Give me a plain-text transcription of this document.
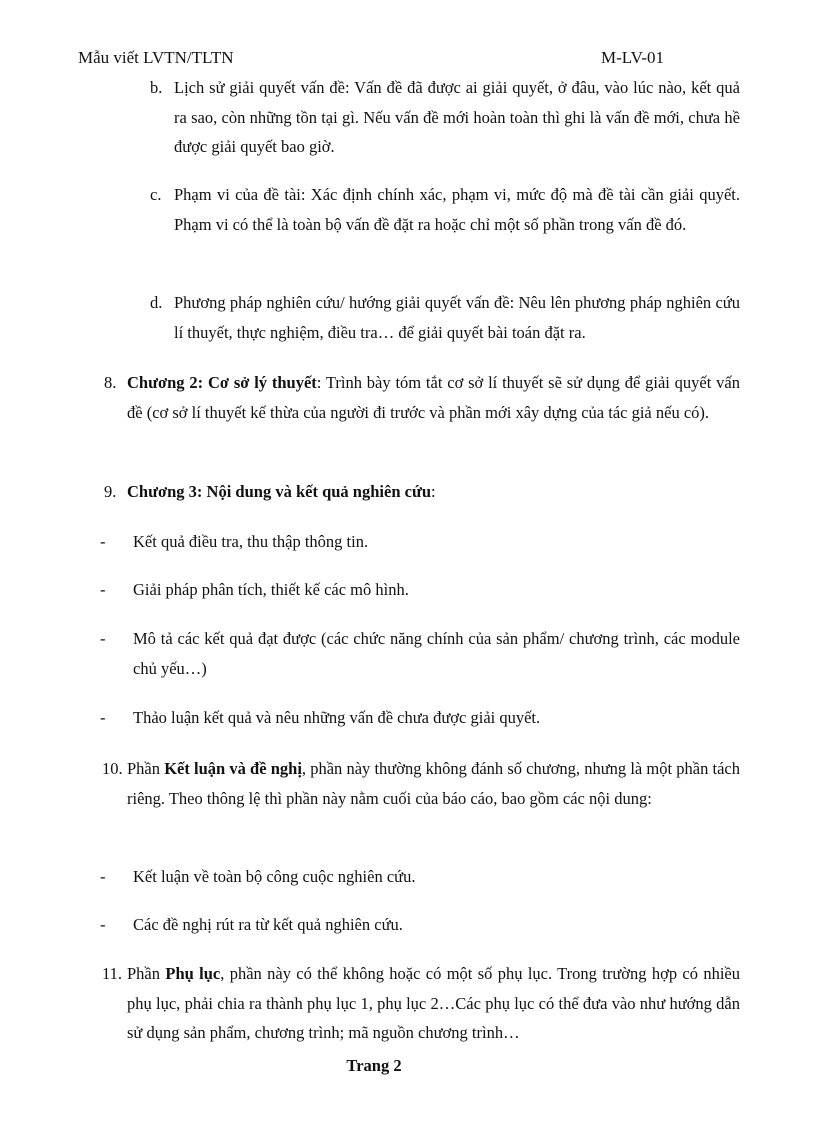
Mẫu viết LVTN/TLTN	M-LV-01
b. Lịch sử giải quyết vấn đề: Vấn đề đã được ai giải quyết, ở đâu, vào lúc nào, kết quả ra sao, còn những tồn tại gì. Nếu vấn đề mới hoàn toàn thì ghi là vấn đề mới, chưa hề được giải quyết bao giờ.
c. Phạm vi của đề tài: Xác định chính xác, phạm vi, mức độ mà đề tài cần giải quyết. Phạm vi có thể là toàn bộ vấn đề đặt ra hoặc chỉ một số phần trong vấn đề đó.
d. Phương pháp nghiên cứu/ hướng giải quyết vấn đề: Nêu lên phương pháp nghiên cứu lí thuyết, thực nghiệm, điều tra… để giải quyết bài toán đặt ra.
8. Chương 2: Cơ sở lý thuyết: Trình bày tóm tắt cơ sở lí thuyết sẽ sử dụng để giải quyết vấn đề (cơ sở lí thuyết kế thừa của người đi trước và phần mới xây dựng của tác giả nếu có).
9. Chương 3: Nội dung và kết quả nghiên cứu:
- Kết quả điều tra, thu thập thông tin.
- Giải pháp phân tích, thiết kế các mô hình.
- Mô tả các kết quả đạt được (các chức năng chính của sản phẩm/ chương trình, các module chủ yếu…)
- Thảo luận kết quả và nêu những vấn đề chưa được giải quyết.
10. Phần Kết luận và đề nghị, phần này thường không đánh số chương, nhưng là một phần tách riêng. Theo thông lệ thì phần này nằm cuối của báo cáo, bao gồm các nội dung:
- Kết luận về toàn bộ công cuộc nghiên cứu.
- Các đề nghị rút ra từ kết quả nghiên cứu.
11. Phần Phụ lục, phần này có thể không hoặc có một số phụ lục. Trong trường hợp có nhiều phụ lục, phải chia ra thành phụ lục 1, phụ lục 2…Các phụ lục có thể đưa vào như hướng dẫn sử dụng sản phẩm, chương trình; mã nguồn chương trình…
Trang 2
